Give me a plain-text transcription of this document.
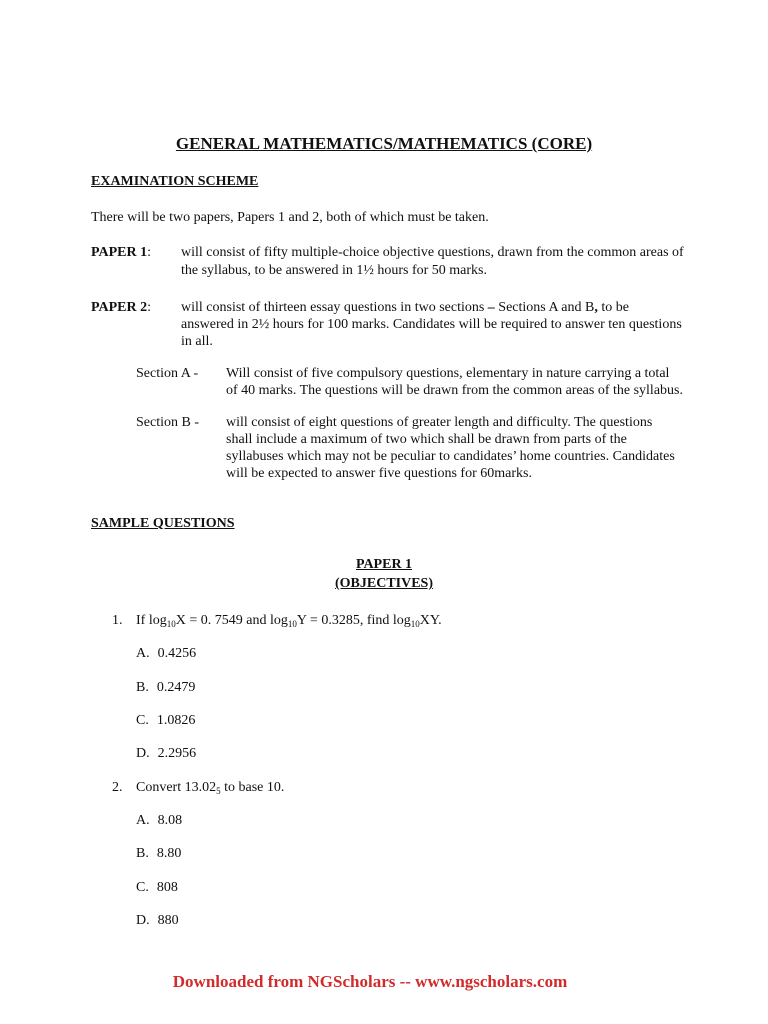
GENERAL MATHEMATICS/MATHEMATICS (CORE)
EXAMINATION SCHEME
There will be two papers, Papers 1 and 2, both of which must be taken.
PAPER 1: will consist of fifty multiple-choice objective questions, drawn from the common areas of
the syllabus, to be answered in 1½ hours for 50 marks.
PAPER 2: will consist of thirteen essay questions in two sections – Sections A and B, to be
answered in 2½ hours for 100 marks. Candidates will be required to answer ten questions
in all.
Section A - Will consist of five compulsory questions, elementary in nature carrying a total
of 40 marks. The questions will be drawn from the common areas of the syllabus.
Section B - will consist of eight questions of greater length and difficulty. The questions
shall include a maximum of two which shall be drawn from parts of the
syllabuses which may not be peculiar to candidates’ home countries. Candidates
will be expected to answer five questions for 60marks.
SAMPLE QUESTIONS
PAPER 1
(OBJECTIVES)
1. If $\log_{10}X = 0$. 7549 and $\log_{10}Y = 0.3285$, find $\log_{10}XY$.
A. 0.4256
B. 0.2479
C. 1.0826
D. 2.2956
2. Convert $13.02_5$ to base 10.
A. 8.08
B. 8.80
C. 808
D. 880
Downloaded from NGScholars -- www.ngscholars.com
